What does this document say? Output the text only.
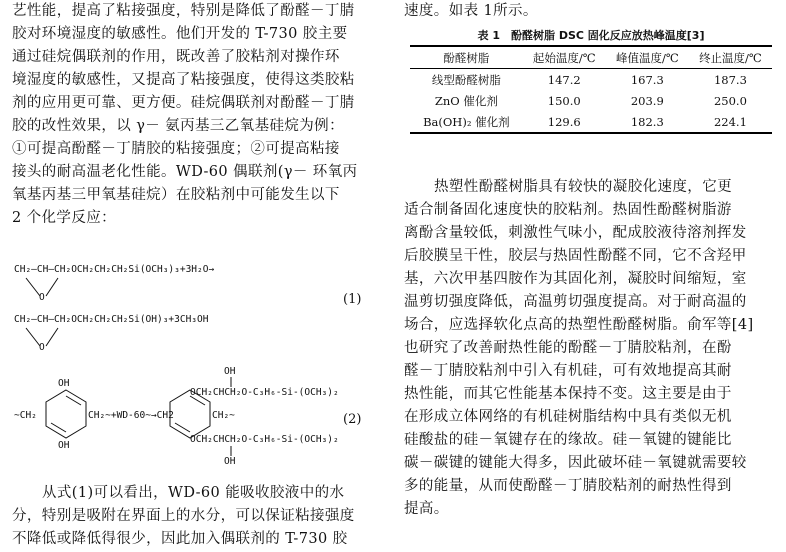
艺性能，提高了粘接强度，特别是降低了酚醛－丁腈
胶对环境湿度的敏感性。他们开发的 T-730 胶主要
通过硅烷偶联剂的作用，既改善了胶粘剂对操作环
境湿度的敏感性，又提高了粘接强度，使得这类胶粘
剂的应用更可靠、更方便。硅烷偶联剂对酚醛－丁腈
胶的改性效果，以 γ－ 氨丙基三乙氧基硅烷为例：
①可提高酚醛－丁腈胶的粘接强度；②可提高粘接
接头的耐高温老化性能。WD-60 偶联剂(γ－ 环氧丙
氧基丙基三甲氧基硅烷）在胶粘剂中可能发生以下
2 个化学反应：
CH₂—CH—CH₂OCH₂CH₂CH₂Si(OCH₃)₃+3H₂O→
O	(1)
CH₂—CH—CH₂OCH₂CH₂CH₂Si(OH)₃+3CH₃OH
O
OH
~CH₂	CH₂~+WD-60~→CH2
OH
OH
OCH₂CHCH₂O-C₃H₆-Si-(OCH₃)₂
CH₂~
OCH₂CHCH₂O-C₃H₆-Si-(OCH₃)₂
OH
(2)
从式(1)可以看出，WD-60 能吸收胶液中的水
分，特别是吸附在界面上的水分，可以保证粘接强度
不降低或降低得很少，因此加入偶联剂的 T-730 胶
速度。如表 1所示。
表 1　酚醛树脂 DSC 固化反应放热峰温度[3]
酚醛树脂	起始温度/℃	峰值温度/℃	终止温度/℃
线型酚醛树脂	147.2	167.3	187.3
ZnO 催化剂	150.0	203.9	250.0
Ba(OH)₂ 催化剂	129.6	182.3	224.1
热塑性酚醛树脂具有较快的凝胶化速度，它更
适合制备固化速度快的胶粘剂。热固性酚醛树脂游
离酚含量较低，刺激性气味小，配成胶液待溶剂挥发
后胶膜呈干性，胶层与热固性酚醛不同，它不含羟甲
基，六次甲基四胺作为其固化剂，凝胶时间缩短，室
温剪切强度降低，高温剪切强度提高。对于耐高温的
场合，应选择软化点高的热塑性酚醛树脂。俞军等[4]
也研究了改善耐热性能的酚醛－丁腈胶粘剂，在酚
醛－丁腈胶粘剂中引入有机硅，可有效地提高其耐
热性能，而其它性能基本保持不变。这主要是由于
在形成立体网络的有机硅树脂结构中具有类似无机
硅酸盐的硅－氧键存在的缘故。硅－氧键的键能比
碳－碳键的键能大得多，因此破坏硅－氧键就需要较
多的能量，从而使酚醛－丁腈胶粘剂的耐热性得到
提高。
